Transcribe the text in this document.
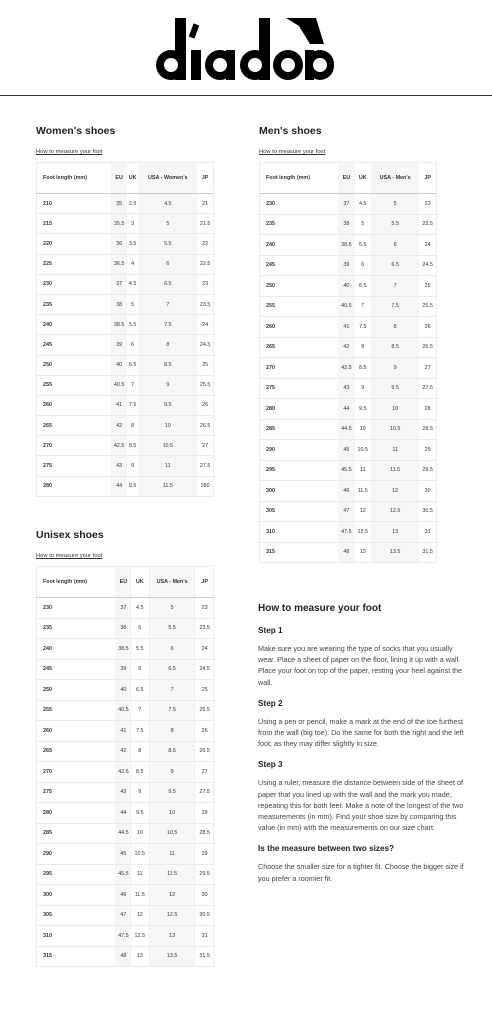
Women's shoes
How to measure your foot
Foot length (mm)	EU	UK	USA - Women's	JP
210	35	2.5	4.5	21
215	35.5	3	5	21.5
220	36	3.5	5.5	22
225	36.5	4	6	22.5
230	37	4.5	6.5	23
235	38	5	7	23.5
240	38.5	5.5	7.5	24
245	39	6	8	24.5
250	40	6.5	8.5	25
255	40.5	7	9	25.5
260	41	7.5	9.5	26
265	42	8	10	26.5
270	42.5	8.5	10.5	27
275	43	9	11	27.5
280	44	9.5	11.5	280
Men's shoes
How to measure your foot
Foot length (mm)	EU	UK	USA - Men's	JP
230	37	4.5	5	23
235	38	5	5.5	23.5
240	38.5	5.5	6	24
245	39	6	6.5	24.5
250	40	6.5	7	25
255	40.5	7	7.5	25.5
260	41	7.5	8	26
265	42	8	8.5	26.5
270	42.5	8.5	9	27
275	43	9	9.5	27.5
280	44	9.5	10	28
285	44.5	10	10.5	28.5
290	45	10.5	11	29
295	45.5	11	11.5	29.5
300	46	11.5	12	30
305	47	12	12.5	30.5
310	47.5	12.5	13	31
315	48	13	13.5	31.5
Unisex shoes
How to measure your foot
Foot length (mm)	EU	UK	USA - Men's	JP
230	37	4.5	5	23
235	38	5	5.5	23.5
240	38.5	5.5	6	24
245	39	6	6.5	24.5
250	40	6.5	7	25
255	40.5	7	7.5	25.5
260	41	7.5	8	26
265	42	8	8.5	26.5
270	42.5	8.5	9	27
275	43	9	9.5	27.5
280	44	9.5	10	28
285	44.5	10	10.5	28.5
290	45	10.5	11	29
295	45.5	11	11.5	29.5
300	46	11.5	12	30
305	47	12	12.5	30.5
310	47.5	12.5	13	31
315	48	13	13.5	31.5
How to measure your foot
Step 1

Make sure you are wearing the type of socks that you usually wear. Place a sheet of paper on the floor, lining it up with a wall. Place your foot on top of the paper, resting your heel against the wall.

Step 2

Using a pen or pencil, make a mark at the end of the toe furthest from the wall (big toe). Do the same for both the right and the left foot, as they may differ slightly in size.

Step 3

Using a ruler, measure the distance between side of the sheet of paper that you lined up with the wall and the mark you made, repeating this for both feet. Make a note of the longest of the two measurements (in mm). Find your shoe size by comparing this value (in mm) with the measurements on our size chart.

Is the measure between two sizes?

Choose the smaller size for a tighter fit. Choose the bigger size if you prefer a roomier fit.
